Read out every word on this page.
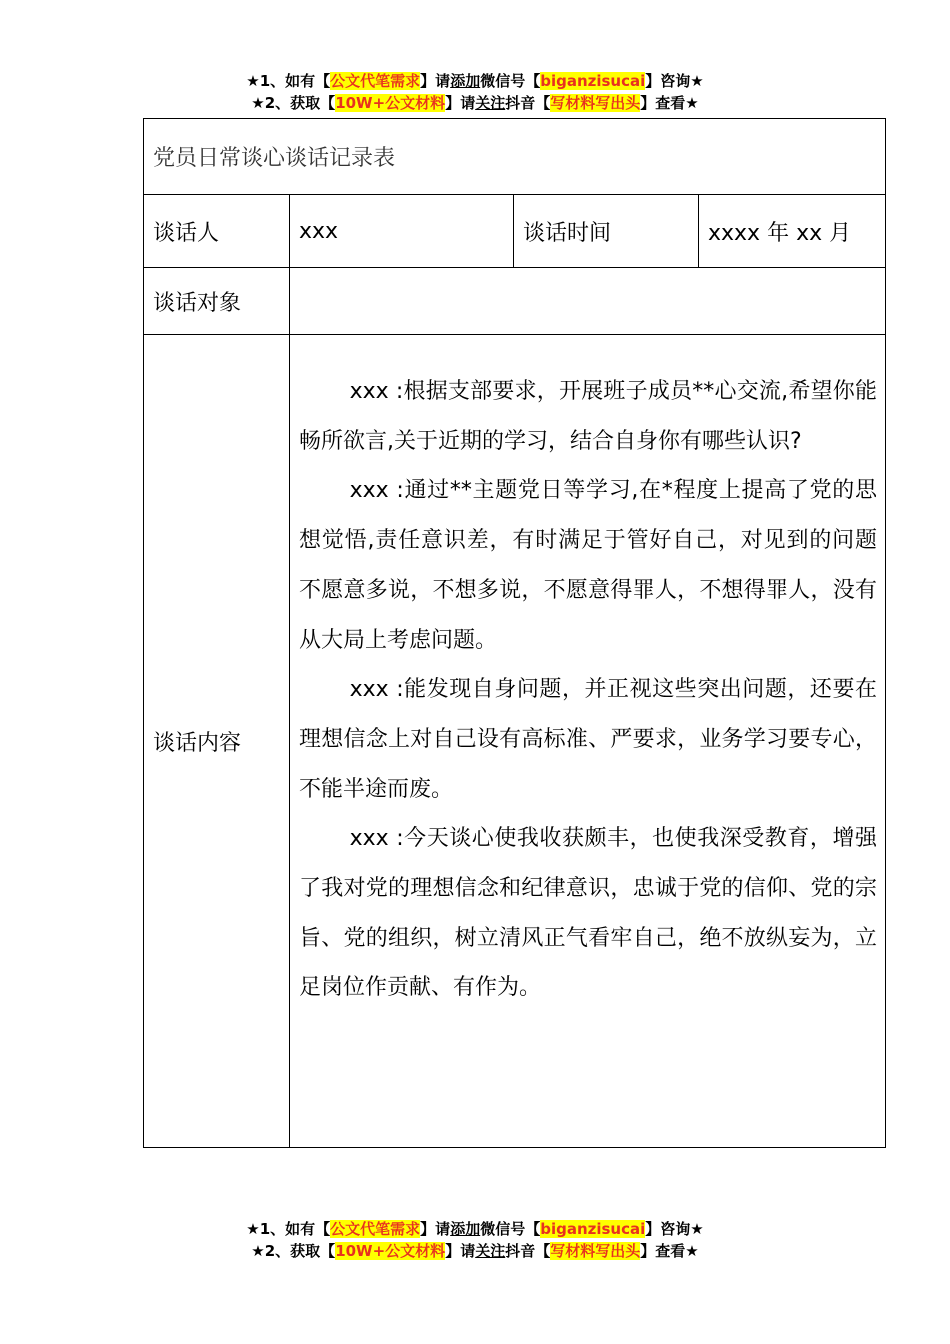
★1、如有【公文代笔需求】请添加微信号【biganzisucai】咨询★
★2、获取【10W+公文材料】请关注抖音【写材料写出头】查看★
党员日常谈心谈话记录表			
谈话人	xxx	谈话时间	xxxx 年 xx 月
谈话对象			
谈话内容	xxx :根据支部要求，开展班子成员**心交流,希望你能畅所欲言,关于近期的学习，结合自身你有哪些认识?

xxx :通过**主题党日等学习,在*程度上提高了党的思想觉悟,责任意识差，有时满足于管好自己，对见到的问题不愿意多说，不想多说，不愿意得罪人，不想得罪人，没有从大局上考虑问题。

xxx :能发现自身问题，并正视这些突出问题，还要在理想信念上对自己设有高标准、严要求，业务学习要专心，不能半途而废。

xxx :今天谈心使我收获颇丰，也使我深受教育，增强了我对党的理想信念和纪律意识，忠诚于党的信仰、党的宗旨、党的组织，树立清风正气看牢自己，绝不放纵妄为，立足岗位作贡献、有作为。		

★1、如有【公文代笔需求】请添加微信号【biganzisucai】咨询★
★2、获取【10W+公文材料】请关注抖音【写材料写出头】查看★
